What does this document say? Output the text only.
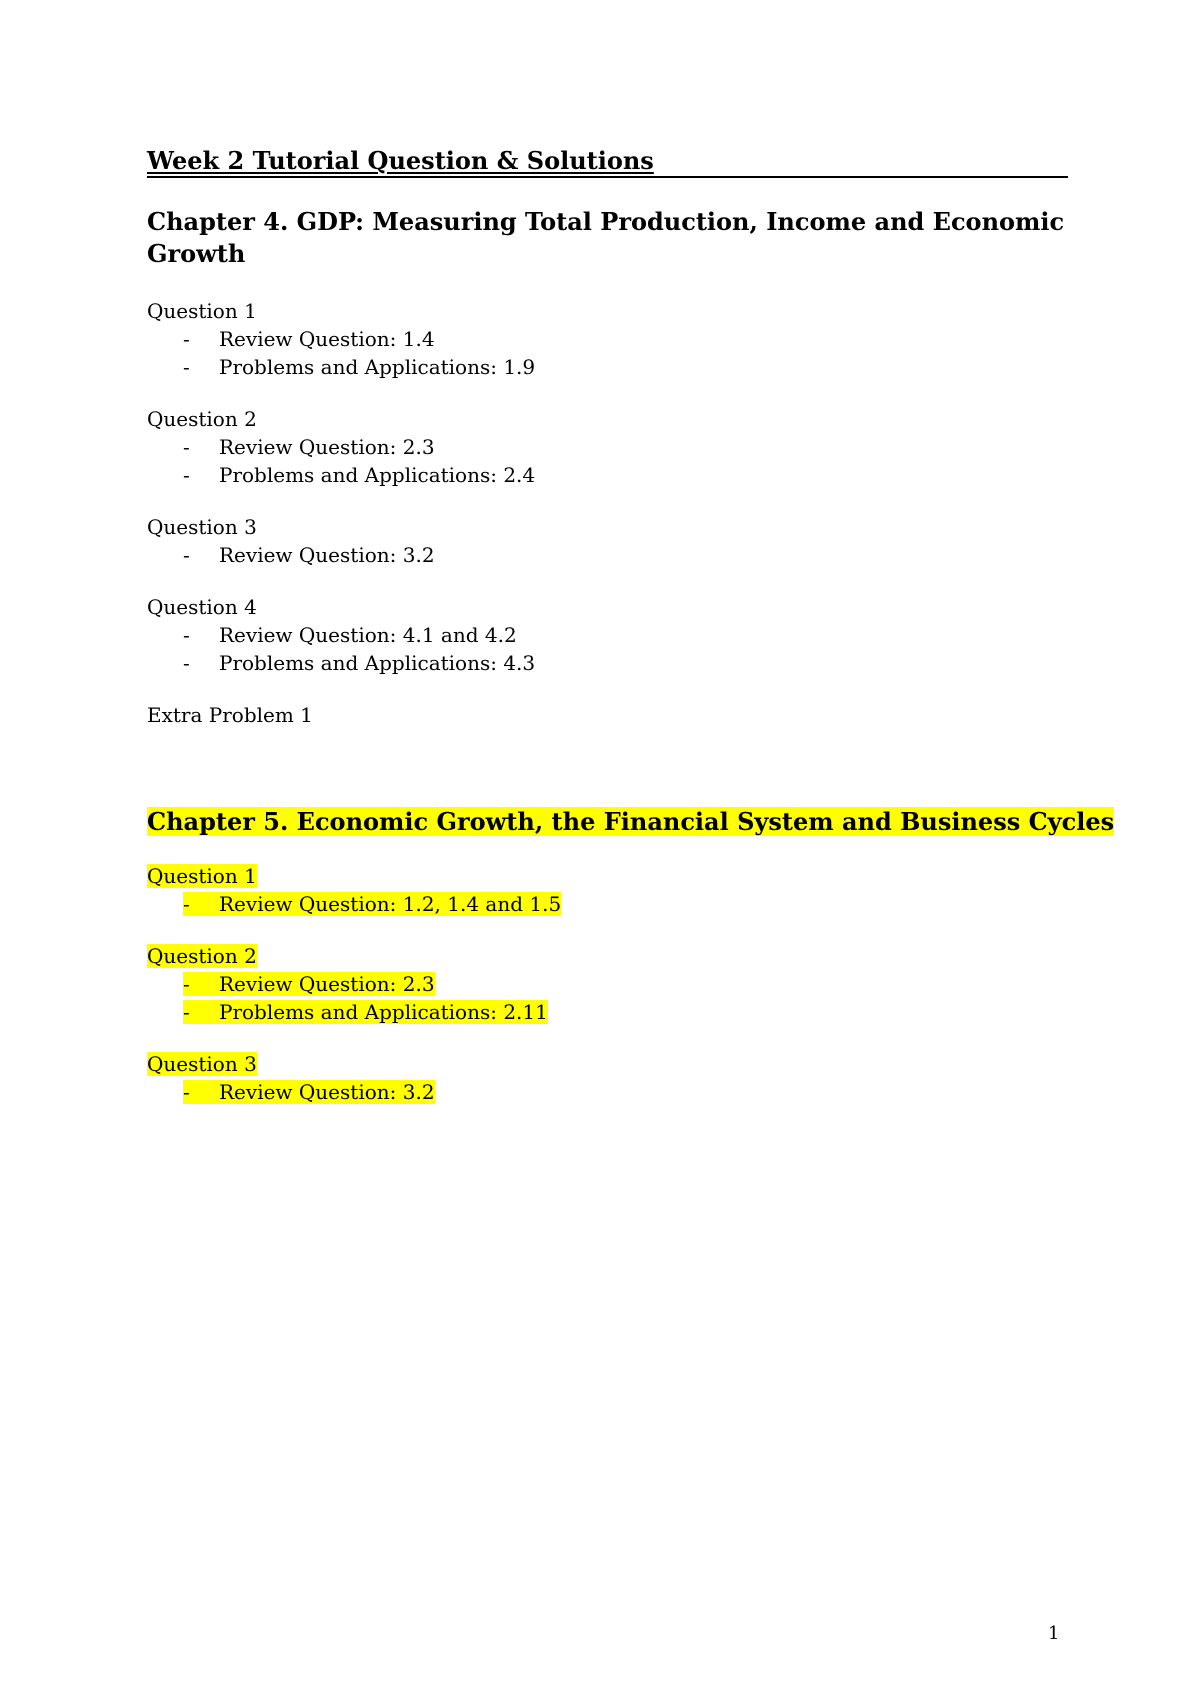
Week 2 Tutorial Question & Solutions
Chapter 4. GDP: Measuring Total Production, Income and Economic
Growth
Question 1
- Review Question: 1.4
- Problems and Applications: 1.9
Question 2
- Review Question: 2.3
- Problems and Applications: 2.4
Question 3
- Review Question: 3.2
Question 4
- Review Question: 4.1 and 4.2
- Problems and Applications: 4.3
Extra Problem 1
Chapter 5. Economic Growth, the Financial System and Business Cycles
Question 1
- Review Question: 1.2, 1.4 and 1.5
Question 2
- Review Question: 2.3
- Problems and Applications: 2.11
Question 3
- Review Question: 3.2
1
